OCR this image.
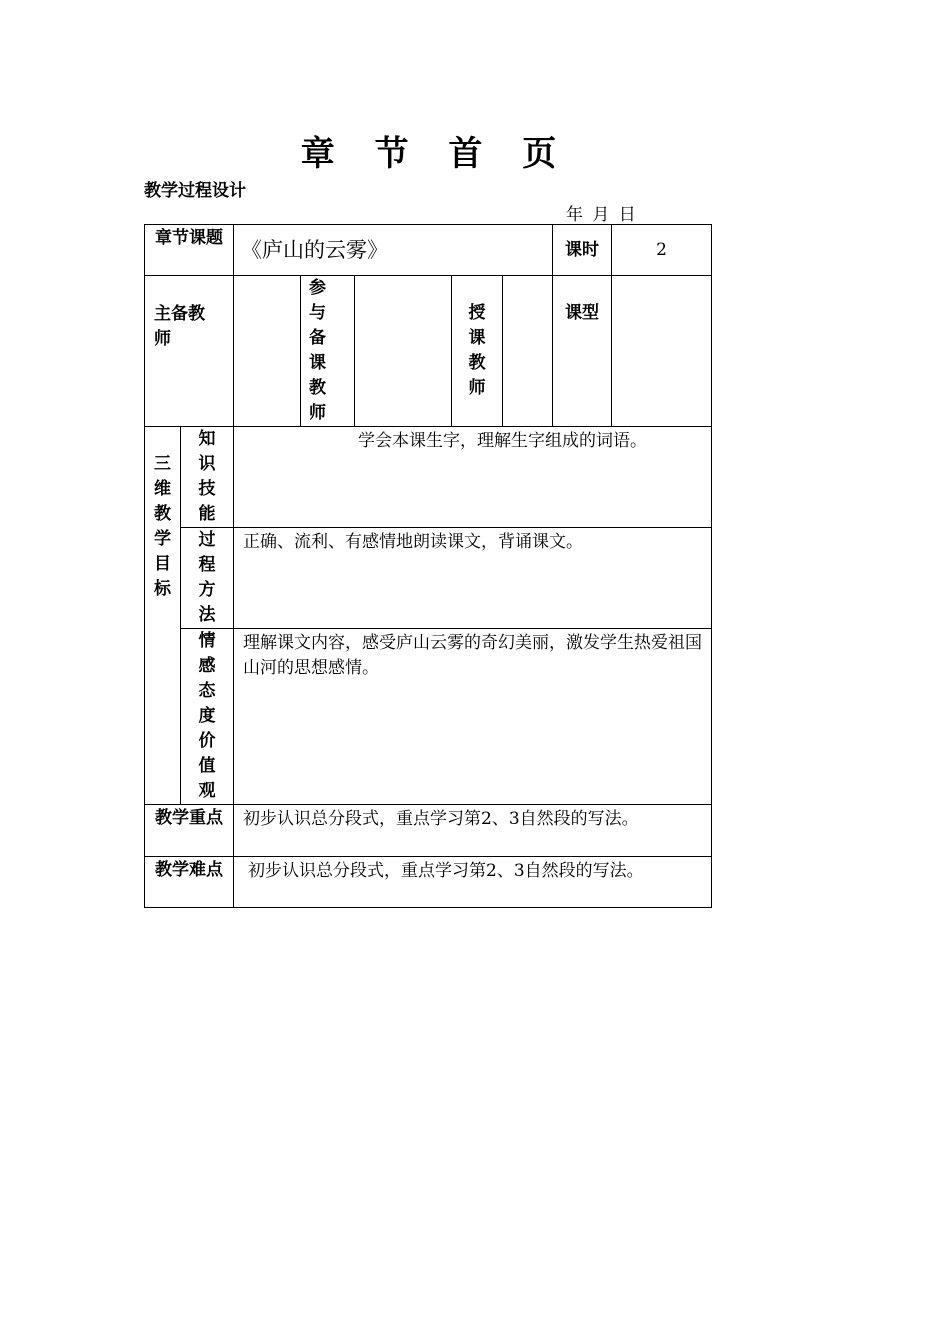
章 节 首 页
教学过程设计
年 月 日
章节课题		《庐山的云雾》					课时	2

主备教师			参与备课教师		授课教师		课型	

三维教学目标	知识技能	学会本课生字，理解生字组成的词语。						

	过程方法	正确、流利、有感情地朗读课文，背诵课文。						

	情感态度价值观	理解课文内容，感受庐山云雾的奇幻美丽，激发学生热爱祖国山河的思想感情。						

教学重点		初步认识总分段式，重点学习第2、3自然段的写法。						

教学难点		初步认识总分段式，重点学习第2、3自然段的写法。						
